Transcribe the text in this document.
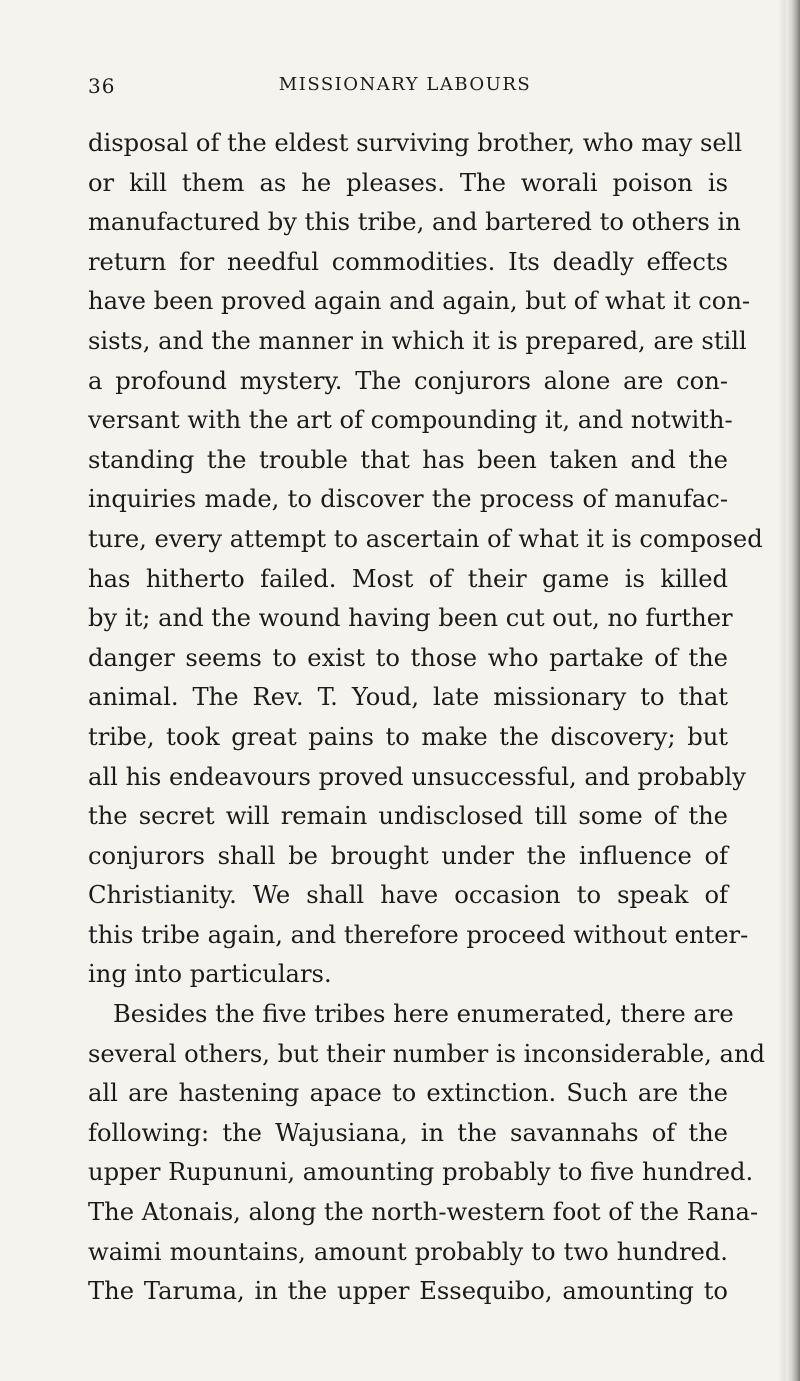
36	MISSIONARY LABOURS
disposal of the eldest surviving brother, who may sell
or kill them as he pleases. The worali poison is
manufactured by this tribe, and bartered to others in
return for needful commodities. Its deadly effects
have been proved again and again, but of what it con-
sists, and the manner in which it is prepared, are still
a profound mystery. The conjurors alone are con-
versant with the art of compounding it, and notwith-
standing the trouble that has been taken and the
inquiries made, to discover the process of manufac-
ture, every attempt to ascertain of what it is composed
has hitherto failed. Most of their game is killed
by it; and the wound having been cut out, no further
danger seems to exist to those who partake of the
animal. The Rev. T. Youd, late missionary to that
tribe, took great pains to make the discovery; but
all his endeavours proved unsuccessful, and probably
the secret will remain undisclosed till some of the
conjurors shall be brought under the influence of
Christianity. We shall have occasion to speak of
this tribe again, and therefore proceed without enter-
ing into particulars.
Besides the five tribes here enumerated, there are
several others, but their number is inconsiderable, and
all are hastening apace to extinction. Such are the
following: the Wajusiana, in the savannahs of the
upper Rupununi, amounting probably to five hundred.
The Atonais, along the north-western foot of the Rana-
waimi mountains, amount probably to two hundred.
The Taruma, in the upper Essequibo, amounting to
